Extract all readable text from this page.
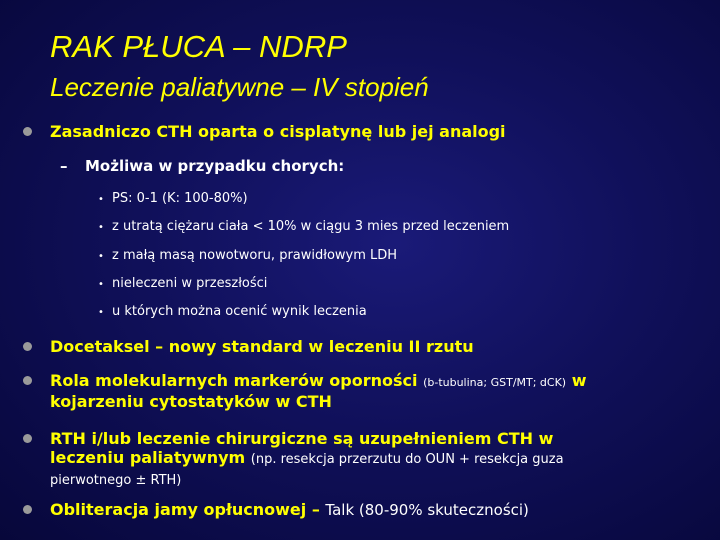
RAK PŁUCA – NDRP
Leczenie paliatywne – IV stopień
Zasadniczo CTH oparta o cisplatynę lub jej analogi
– Możliwa w przypadku chorych:
• PS: 0-1 (K: 100-80%)
• z utratą ciężaru ciała < 10% w ciągu 3 mies przed leczeniem
• z małą masą nowotworu, prawidłowym LDH
• nieleczeni w przeszłości
• u których można ocenić wynik leczenia
Docetaksel – nowy standard w leczeniu II rzutu
Rola molekularnych markerów oporności (b-tubulina; GST/MT; dCK) w
kojarzeniu cytostatyków w CTH
RTH i/lub leczenie chirurgiczne są uzupełnieniem CTH w
leczeniu paliatywnym (np. resekcja przerzutu do OUN + resekcja guza
pierwotnego ± RTH)
Obliteracja jamy opłucnowej – Talk (80-90% skuteczności)
